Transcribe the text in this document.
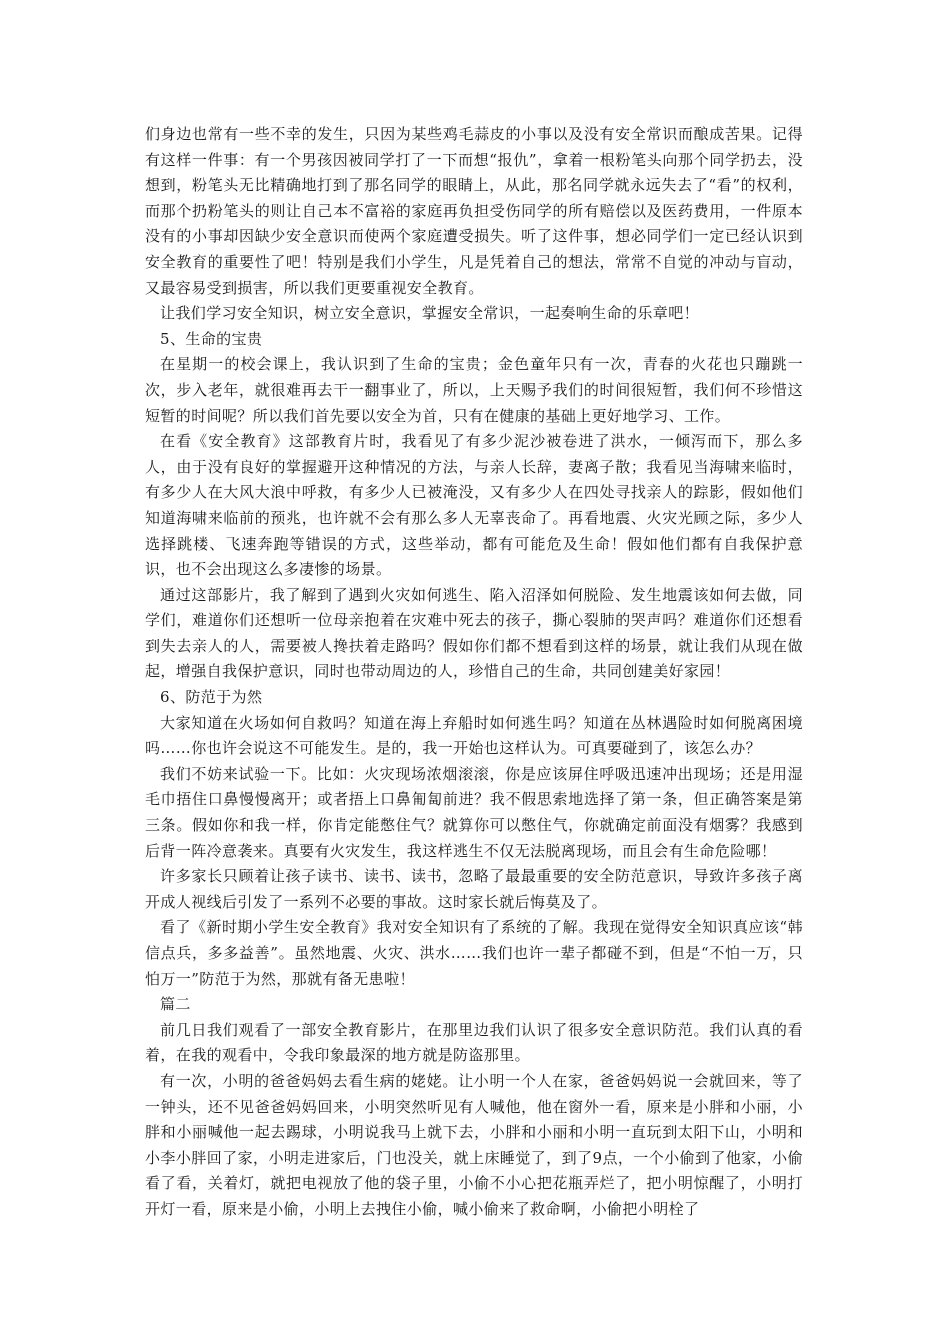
们身边也常有一些不幸的发生，只因为某些鸡毛蒜皮的小事以及没有安全常识而酿成苦果。记得有这样一件事：有一个男孩因被同学打了一下而想“报仇”，拿着一根粉笔头向那个同学扔去，没想到，粉笔头无比精确地打到了那名同学的眼睛上，从此，那名同学就永远失去了“看”的权利，而那个扔粉笔头的则让自己本不富裕的家庭再负担受伤同学的所有赔偿以及医药费用，一件原本没有的小事却因缺少安全意识而使两个家庭遭受损失。听了这件事，想必同学们一定已经认识到安全教育的重要性了吧！特别是我们小学生，凡是凭着自己的想法，常常不自觉的冲动与盲动，又最容易受到损害，所以我们更要重视安全教育。

让我们学习安全知识，树立安全意识，掌握安全常识，一起奏响生命的乐章吧！

5、生命的宝贵

在星期一的校会课上，我认识到了生命的宝贵；金色童年只有一次，青春的火花也只蹦跳一次，步入老年，就很难再去干一翻事业了，所以，上天赐予我们的时间很短暂，我们何不珍惜这短暂的时间呢？所以我们首先要以安全为首，只有在健康的基础上更好地学习、工作。

在看《安全教育》这部教育片时，我看见了有多少泥沙被卷进了洪水，一倾泻而下，那么多人，由于没有良好的掌握避开这种情况的方法，与亲人长辞，妻离子散；我看见当海啸来临时，有多少人在大风大浪中呼救，有多少人已被淹没，又有多少人在四处寻找亲人的踪影，假如他们知道海啸来临前的预兆，也许就不会有那么多人无辜丧命了。再看地震、火灾光顾之际，多少人选择跳楼、飞速奔跑等错误的方式，这些举动，都有可能危及生命！假如他们都有自我保护意识，也不会出现这么多凄惨的场景。

通过这部影片，我了解到了遇到火灾如何逃生、陷入沼泽如何脱险、发生地震该如何去做，同学们，难道你们还想听一位母亲抱着在灾难中死去的孩子，撕心裂肺的哭声吗？难道你们还想看到失去亲人的人，需要被人搀扶着走路吗？假如你们都不想看到这样的场景，就让我们从现在做起，增强自我保护意识，同时也带动周边的人，珍惜自己的生命，共同创建美好家园！

6、防范于为然

大家知道在火场如何自救吗？知道在海上弃船时如何逃生吗？知道在丛林遇险时如何脱离困境吗……你也许会说这不可能发生。是的，我一开始也这样认为。可真要碰到了，该怎么办？

我们不妨来试验一下。比如：火灾现场浓烟滚滚，你是应该屏住呼吸迅速冲出现场；还是用湿毛巾捂住口鼻慢慢离开；或者捂上口鼻匍匐前进？我不假思索地选择了第一条，但正确答案是第三条。假如你和我一样，你肯定能憋住气？就算你可以憋住气，你就确定前面没有烟雾？我感到后背一阵冷意袭来。真要有火灾发生，我这样逃生不仅无法脱离现场，而且会有生命危险哪！

许多家长只顾着让孩子读书、读书、读书，忽略了最最重要的安全防范意识，导致许多孩子离开成人视线后引发了一系列不必要的事故。这时家长就后悔莫及了。

看了《新时期小学生安全教育》我对安全知识有了系统的了解。我现在觉得安全知识真应该“韩信点兵，多多益善”。虽然地震、火灾、洪水……我们也许一辈子都碰不到，但是“不怕一万，只怕万一”防范于为然，那就有备无患啦！

篇二

前几日我们观看了一部安全教育影片，在那里边我们认识了很多安全意识防范。我们认真的看着，在我的观看中，令我印象最深的地方就是防盗那里。

有一次，小明的爸爸妈妈去看生病的姥姥。让小明一个人在家，爸爸妈妈说一会就回来，等了一钟头，还不见爸爸妈妈回来，小明突然听见有人喊他，他在窗外一看，原来是小胖和小丽，小胖和小丽喊他一起去踢球，小明说我马上就下去，小胖和小丽和小明一直玩到太阳下山，小明和小李小胖回了家，小明走进家后，门也没关，就上床睡觉了，到了9点，一个小偷到了他家，小偷看了看，关着灯，就把电视放了他的袋子里，小偷不小心把花瓶弄烂了，把小明惊醒了，小明打开灯一看，原来是小偷，小明上去拽住小偷，喊小偷来了救命啊，小偷把小明栓了
